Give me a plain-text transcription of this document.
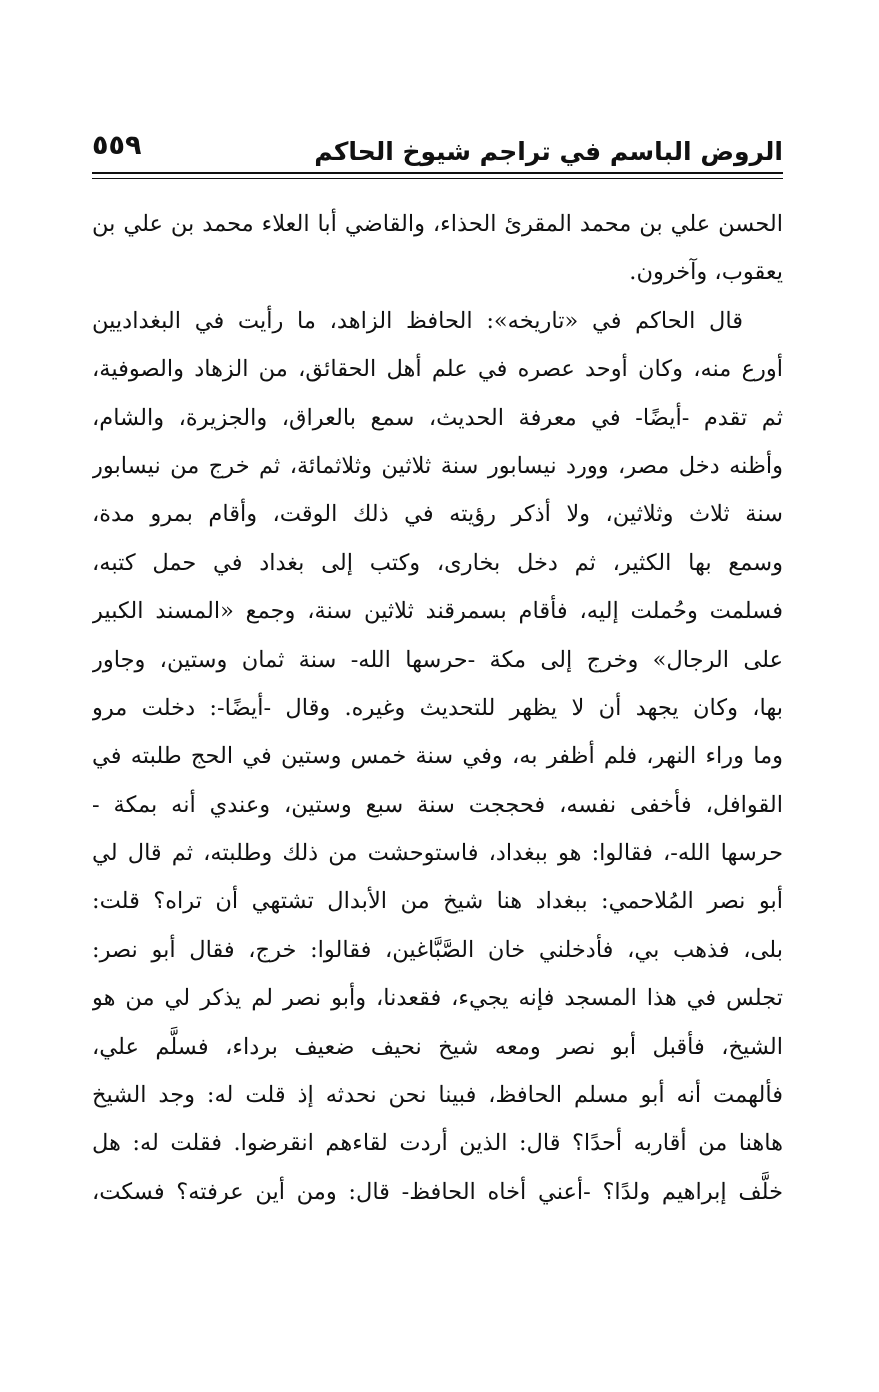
الروض الباسم في تراجم شيوخ الحاكم
٥٥٩
الحسن علي بن محمد المقرئ الحذاء، والقاضي أبا العلاء محمد بن علي بن
يعقوب، وآخرون.
قال الحاكم في «تاريخه»: الحافظ الزاهد، ما رأيت في البغداديين
أورع منه، وكان أوحد عصره في علم أهل الحقائق، من الزهاد والصوفية،
ثم تقدم -أيضًا- في معرفة الحديث، سمع بالعراق، والجزيرة، والشام،
وأظنه دخل مصر، وورد نيسابور سنة ثلاثين وثلاثمائة، ثم خرج من نيسابور
سنة ثلاث وثلاثين، ولا أذكر رؤيته في ذلك الوقت، وأقام بمرو مدة،
وسمع بها الكثير، ثم دخل بخارى، وكتب إلى بغداد في حمل كتبه،
فسلمت وحُملت إليه، فأقام بسمرقند ثلاثين سنة، وجمع «المسند الكبير
على الرجال» وخرج إلى مكة -حرسها الله- سنة ثمان وستين، وجاور
بها، وكان يجهد أن لا يظهر للتحديث وغيره. وقال -أيضًا-: دخلت مرو
وما وراء النهر، فلم أظفر به، وفي سنة خمس وستين في الحج طلبته في
القوافل، فأخفى نفسه، فحججت سنة سبع وستين، وعندي أنه بمكة -
حرسها الله-، فقالوا: هو ببغداد، فاستوحشت من ذلك وطلبته، ثم قال لي
أبو نصر المُلاحمي: ببغداد هنا شيخ من الأبدال تشتهي أن تراه؟ قلت:
بلى، فذهب بي، فأدخلني خان الصَّبَّاغين، فقالوا: خرج، فقال أبو نصر:
تجلس في هذا المسجد فإنه يجيء، فقعدنا، وأبو نصر لم يذكر لي من هو
الشيخ، فأقبل أبو نصر ومعه شيخ نحيف ضعيف برداء، فسلَّم علي،
فألهمت أنه أبو مسلم الحافظ، فبينا نحن نحدثه إذ قلت له: وجد الشيخ
هاهنا من أقاربه أحدًا؟ قال: الذين أردت لقاءهم انقرضوا. فقلت له: هل
خلَّف إبراهيم ولدًا؟ -أعني أخاه الحافظ- قال: ومن أين عرفته؟ فسكت،
